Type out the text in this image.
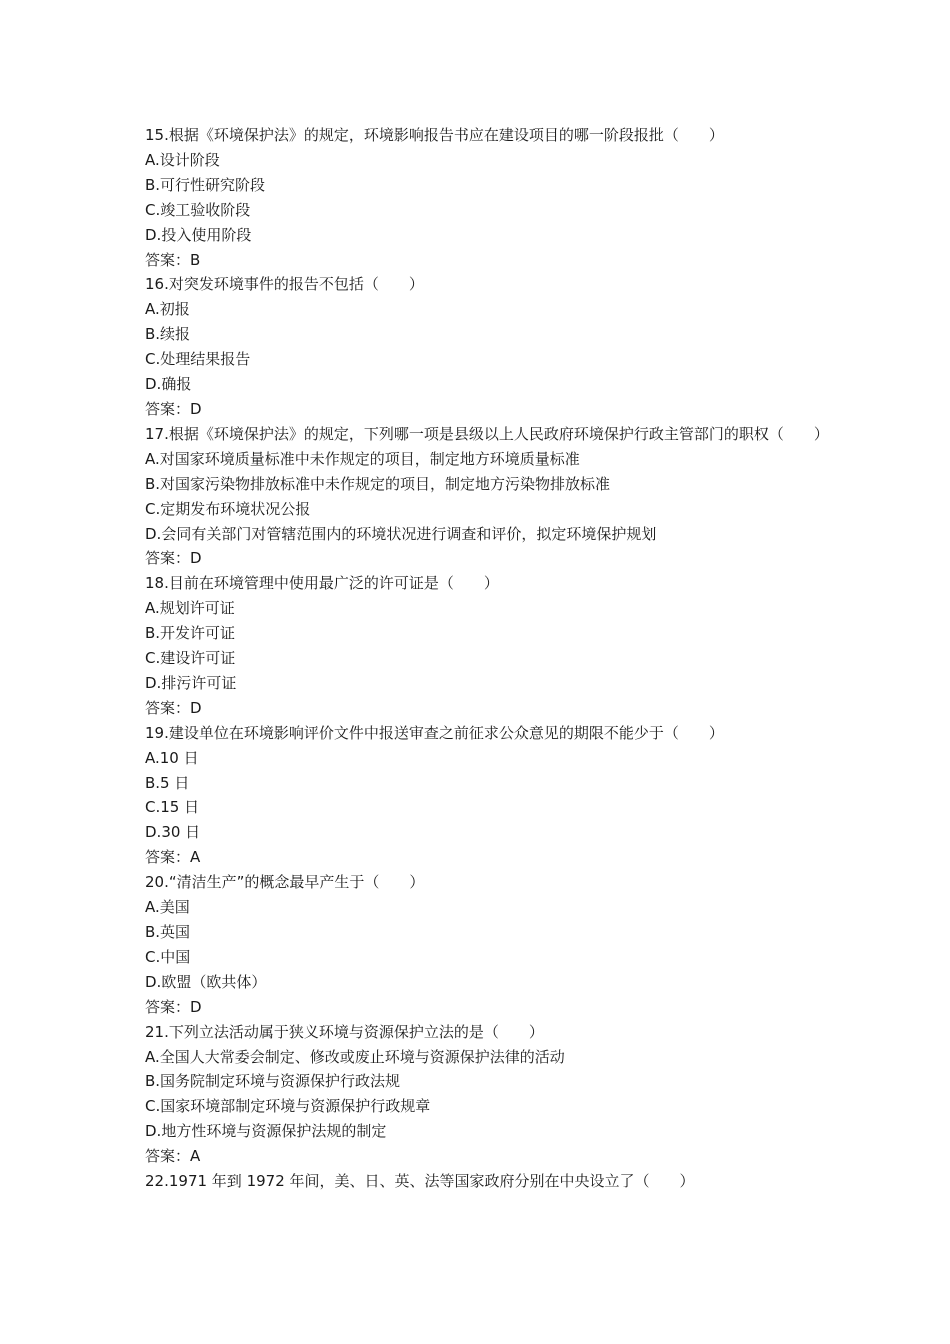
15.根据《环境保护法》的规定，环境影响报告书应在建设项目的哪一阶段报批（　　）

A.设计阶段

B.可行性研究阶段

C.竣工验收阶段

D.投入使用阶段

答案：B

16.对突发环境事件的报告不包括（　　）

A.初报

B.续报

C.处理结果报告

D.确报

答案：D

17.根据《环境保护法》的规定，下列哪一项是县级以上人民政府环境保护行政主管部门的职权（　　）

A.对国家环境质量标准中未作规定的项目，制定地方环境质量标准

B.对国家污染物排放标准中未作规定的项目，制定地方污染物排放标准

C.定期发布环境状况公报

D.会同有关部门对管辖范围内的环境状况进行调查和评价，拟定环境保护规划

答案：D

18.目前在环境管理中使用最广泛的许可证是（　　）

A.规划许可证

B.开发许可证

C.建设许可证

D.排污许可证

答案：D

19.建设单位在环境影响评价文件中报送审查之前征求公众意见的期限不能少于（　　）

A.10 日

B.5 日

C.15 日

D.30 日

答案：A

20.“清洁生产”的概念最早产生于（　　）

A.美国

B.英国

C.中国

D.欧盟（欧共体）

答案：D

21.下列立法活动属于狭义环境与资源保护立法的是（　　）

A.全国人大常委会制定、修改或废止环境与资源保护法律的活动

B.国务院制定环境与资源保护行政法规

C.国家环境部制定环境与资源保护行政规章

D.地方性环境与资源保护法规的制定

答案：A

22.1971 年到 1972 年间，美、日、英、法等国家政府分别在中央设立了（　　）
